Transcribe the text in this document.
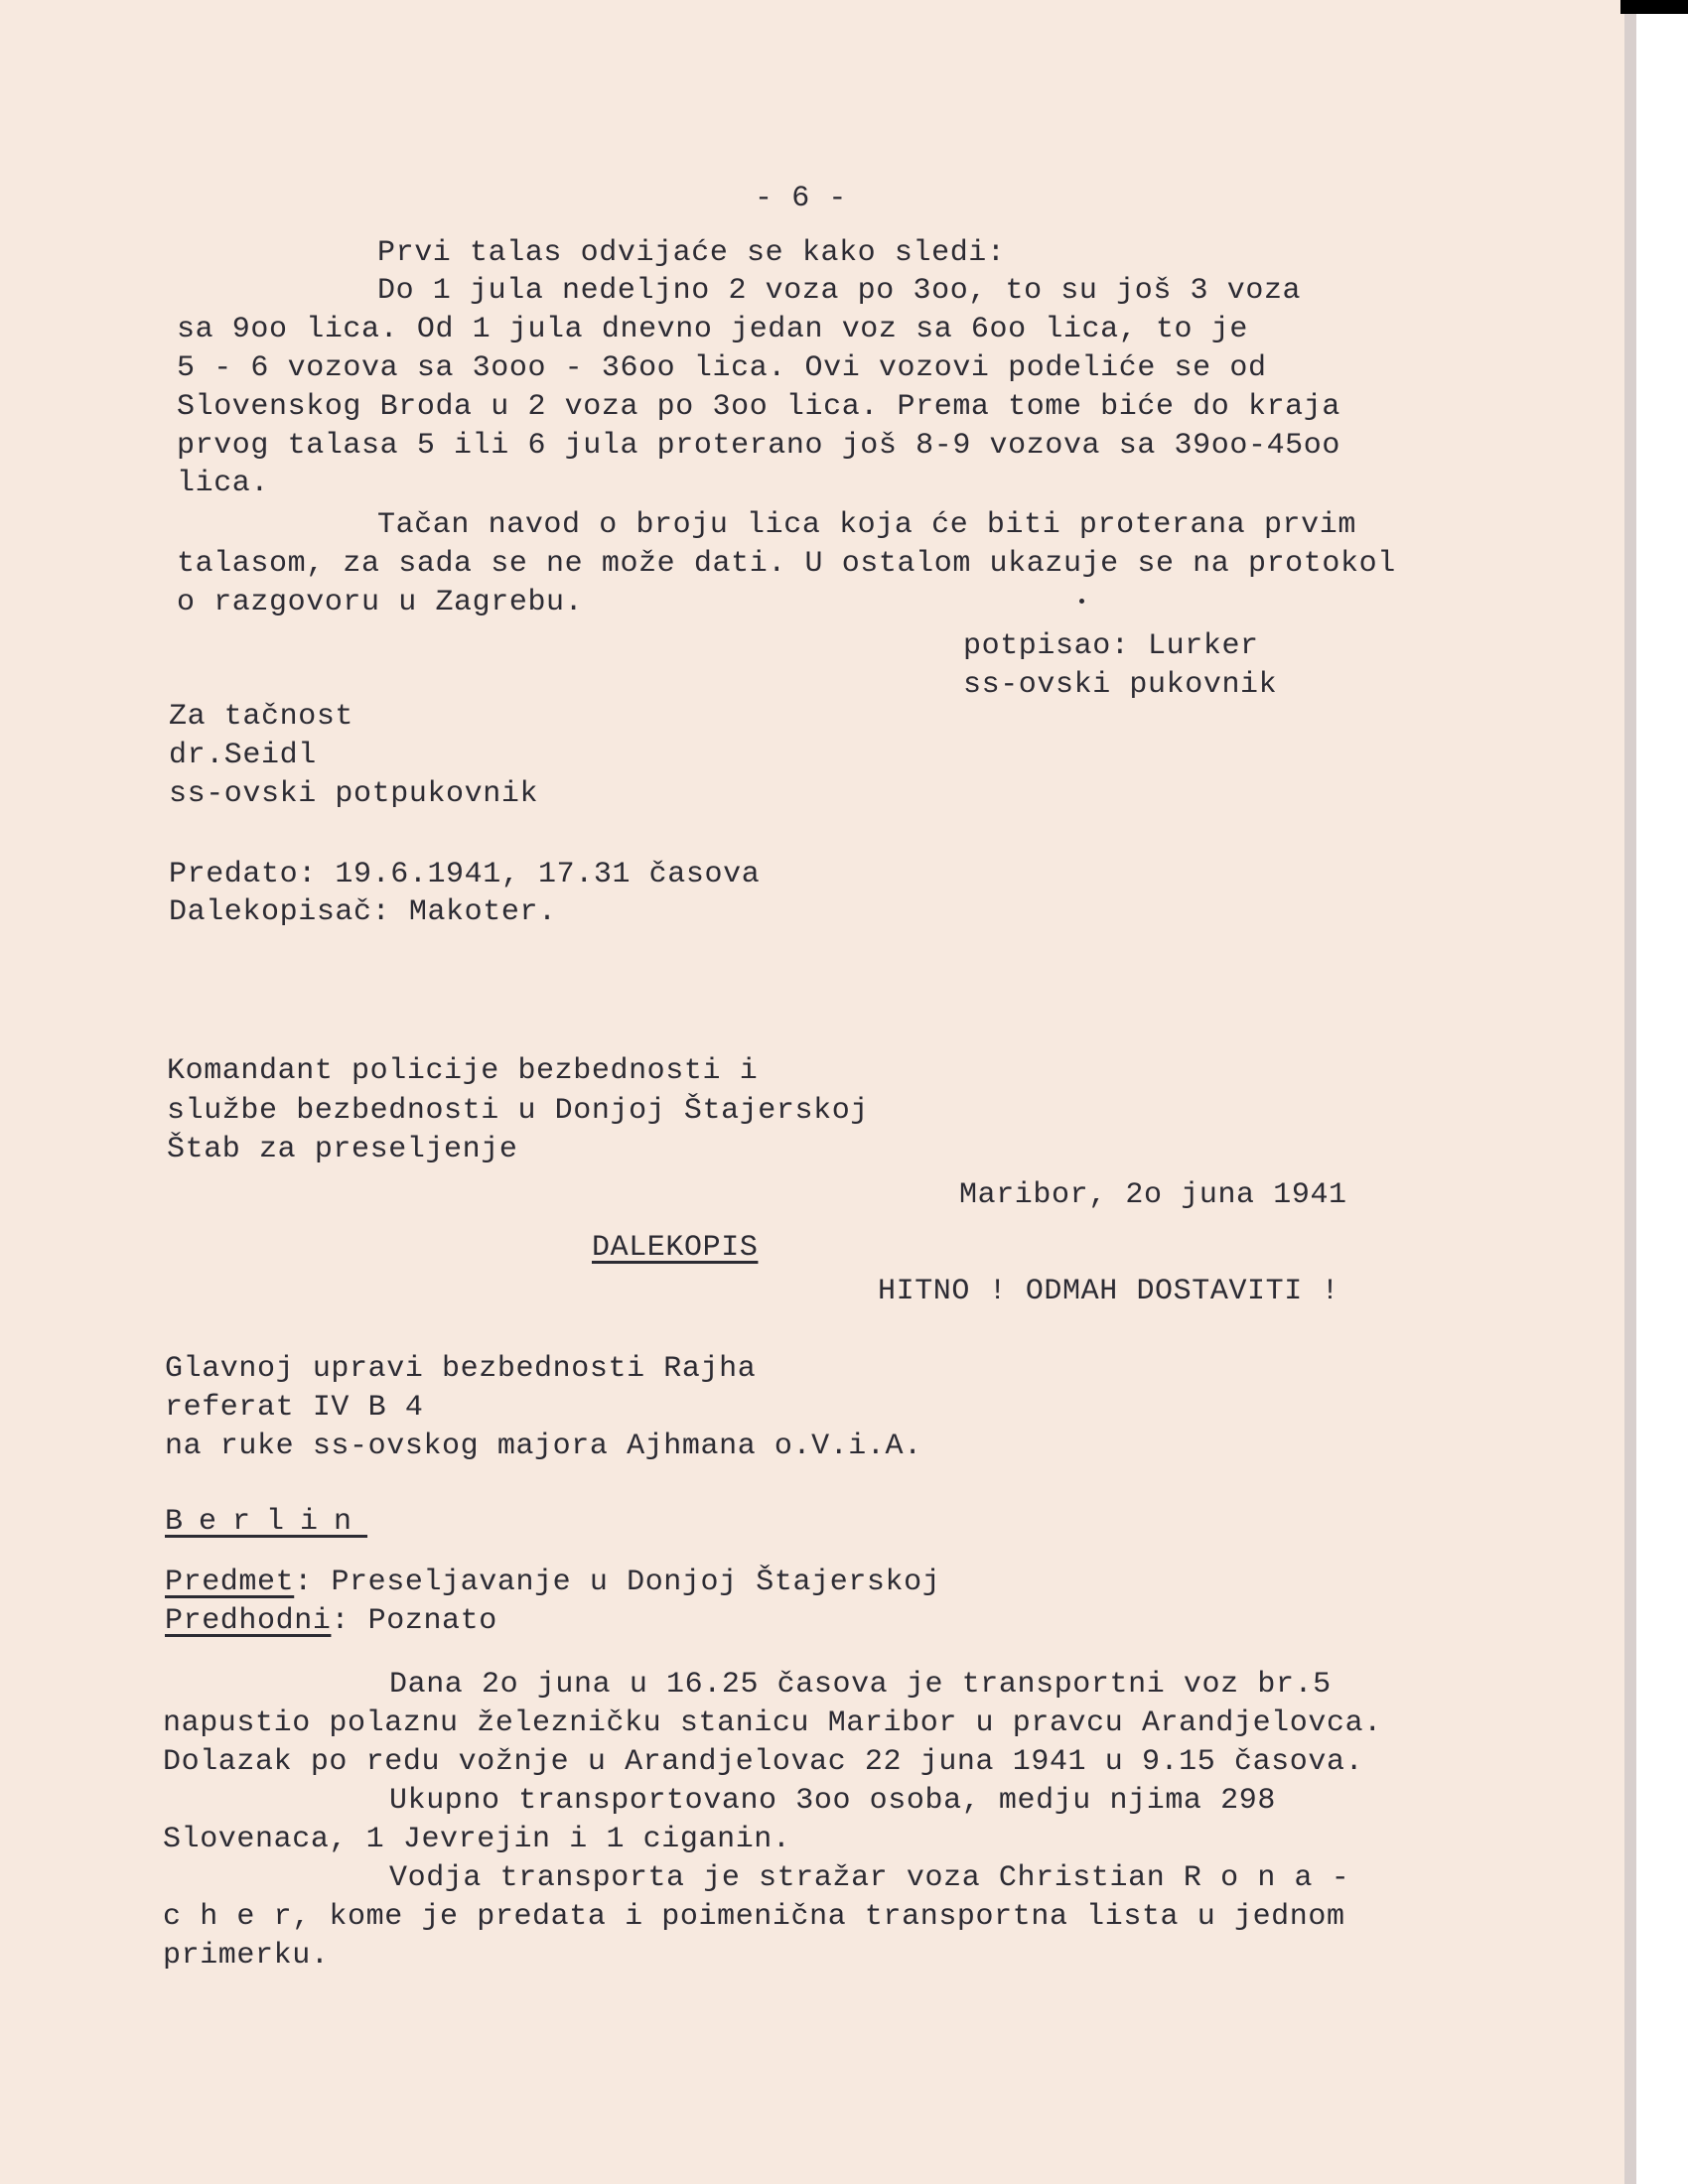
- 6 -
Prvi talas odvijaće se kako sledi:
Do 1 jula nedeljno 2 voza po 3oo, to su još 3 voza
sa 9oo lica. Od 1 jula dnevno jedan voz sa 6oo lica, to je
5 - 6 vozova sa 3ooo - 36oo lica. Ovi vozovi podeliće se od
Slovenskog Broda u 2 voza po 3oo lica. Prema tome biće do kraja
prvog talasa 5 ili 6 jula proterano još 8-9 vozova sa 39oo-45oo
lica.
Tačan navod o broju lica koja će biti proterana prvim
talasom, za sada se ne može dati. U ostalom ukazuje se na protokol
o razgovoru u Zagrebu.
potpisao: Lurker
ss-ovski pukovnik
Za tačnost
dr.Seidl
ss-ovski potpukovnik
Predato: 19.6.1941, 17.31 časova
Dalekopisač: Makoter.
Komandant policije bezbednosti i
službe bezbednosti u Donjoj Štajerskoj
Štab za preseljenje
Maribor, 2o juna 1941
DALEKOPIS
HITNO ! ODMAH DOSTAVITI !
Glavnoj upravi bezbednosti Rajha
referat IV B 4
na ruke ss-ovskog majora Ajhmana o.V.i.A.
Berlin
Predmet: Preseljavanje u Donjoj Štajerskoj
Predhodni: Poznato
Dana 2o juna u 16.25 časova je transportni voz br.5
napustio polaznu železničku stanicu Maribor u pravcu Arandjelovca.
Dolazak po redu vožnje u Arandjelovac 22 juna 1941 u 9.15 časova.
Ukupno transportovano 3oo osoba, medju njima 298
Slovenaca, 1 Jevrejin i 1 ciganin.
Vodja transporta je stražar voza Christian R o n a -
c h e r, kome je predata i poimenična transportna lista u jednom
primerku.
